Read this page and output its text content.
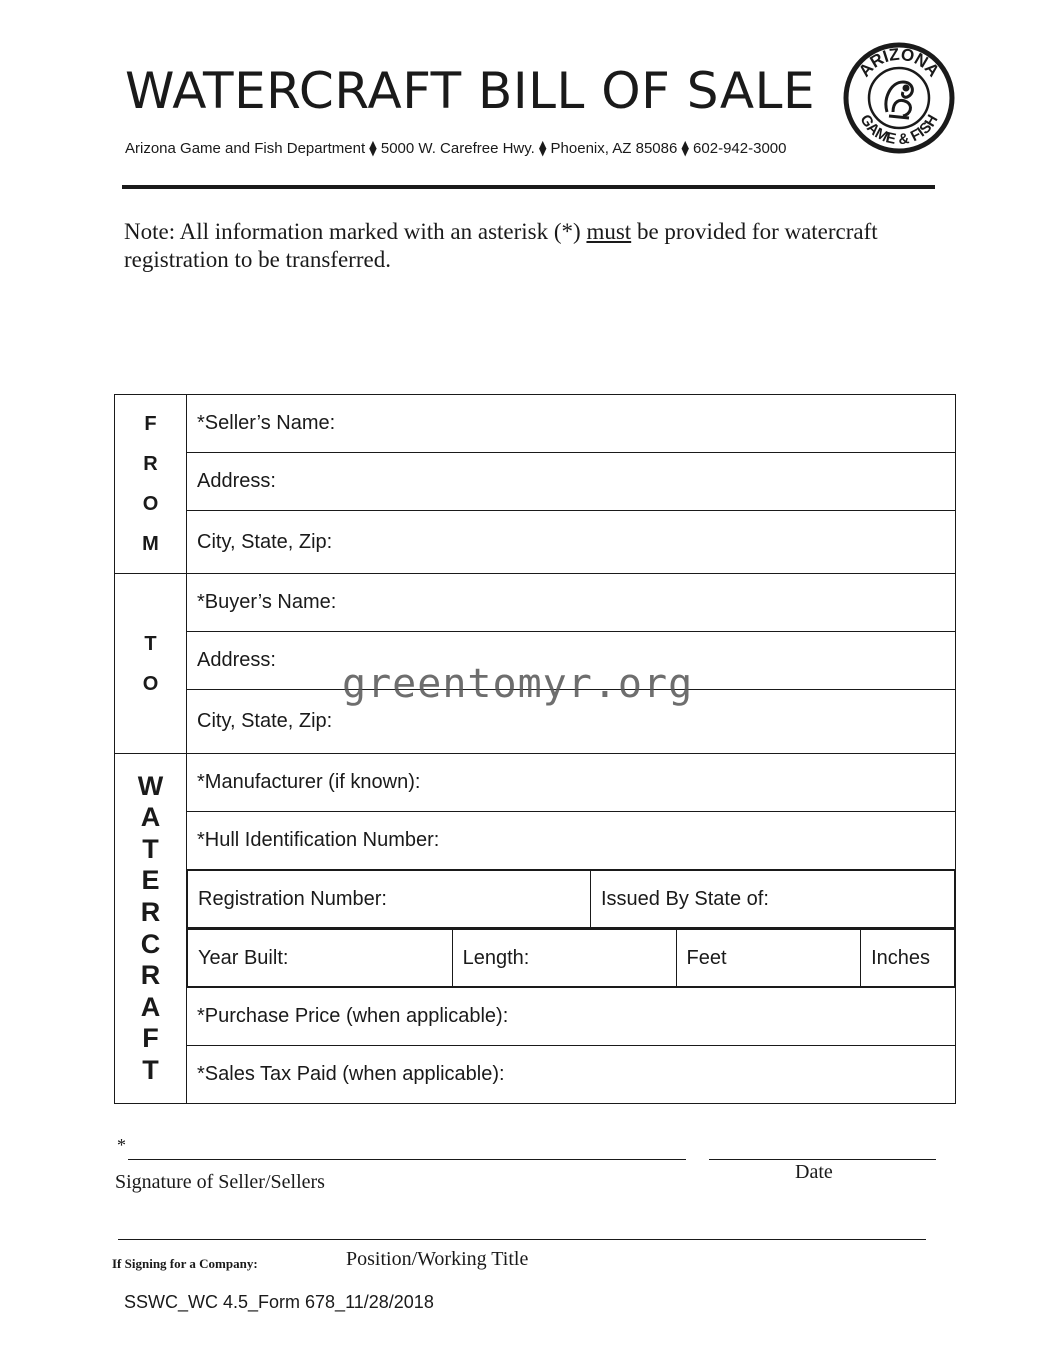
WATERCRAFT BILL OF SALE
Arizona Game and Fish Department ⧫ 5000 W. Carefree Hwy. ⧫ Phoenix, AZ 85086 ⧫ 602-942-3000
ARIZONA
GAME & FISH
Note: All information marked with an asterisk (*) must be provided for watercraft registration to be transferred.
F
R
O
M
	*Seller’s Name:
Address:
City, State, Zip:

T
O
	*Buyer’s Name:
Address:
City, State, Zip:

W
A
T
E
R
C
R
A
F
T
	*Manufacturer (if known):
*Hull Identification Number:

Registration Number:	Issued By State of:

Year Built:	Length:	Feet	Inches

*Purchase Price (when applicable):
*Sales Tax Paid (when applicable):
greentomyr.org
*
Signature of Seller/Sellers	Date
If Signing for a Company:	Position/Working Title
SSWC_WC 4.5_Form 678_11/28/2018
